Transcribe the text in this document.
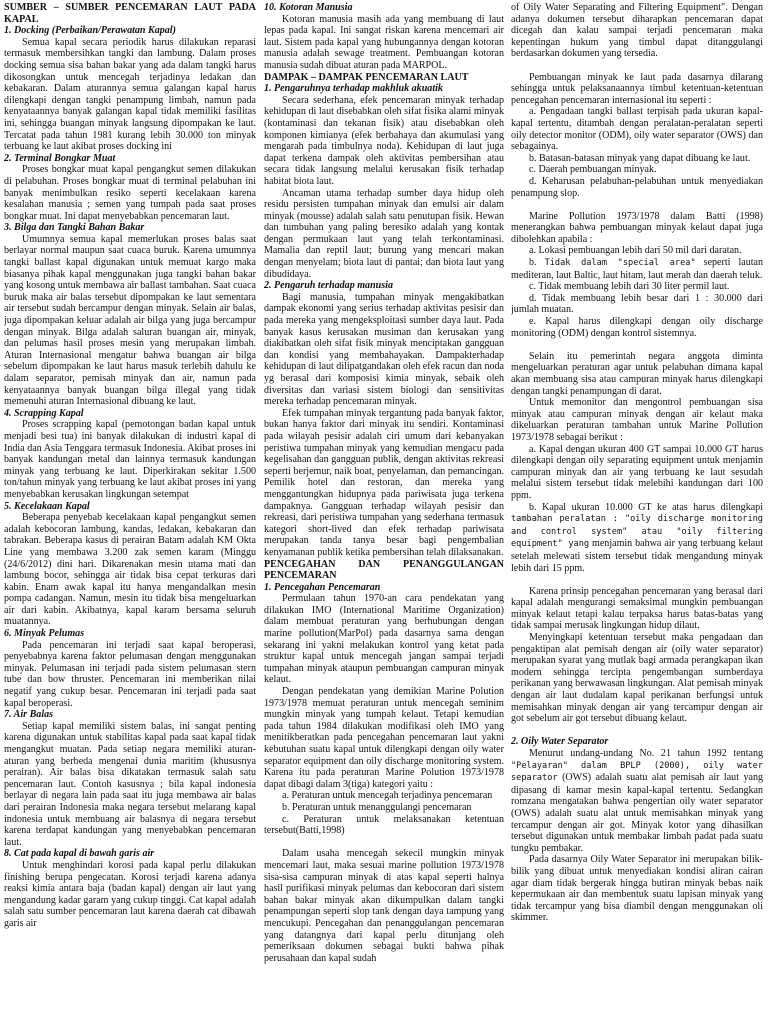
SUMBER – SUMBER PENCEMARAN LAUT PADA KAPAL

1. Docking (Perbaikan/Perawatan Kapal)

Semua kapal secara periodik harus dilakukan reparasi termasuk membersihkan tangki dan lambung. Dalam proses docking semua sisa bahan bakar yang ada dalam tangki harus dikosongkan untuk mencegah terjadinya ledakan dan kebakaran. Dalam aturannya semua galangan kapal harus dilengkapi dengan tangki penampung limbah, namun pada kenyataannya banyak galangan kapal tidak memiliki fasilitas ini, sehingga buangan minyak langsung dipompakan ke laut. Tercatat pada tahun 1981 kurang lebih 30.000 ton minyak terbuang ke laut akibat proses docking ini

2. Terminal Bongkar Muat

Proses bongkar muat kapal pengangkut semen dilakukan di pelabuhan. Proses bongkar muat di terminal pelabuhan ini banyak menimbulkan resiko seperti kecelakaan karena kesalahan manusia ; semen yang tumpah pada saat proses bongkar muat. Ini dapat menyebabkan pencemaran laut.

3. Bilga dan Tangki Bahan Bakar

Umumnya semua kapal memerlukan proses balas saat berlayar normal maupun saat cuaca buruk. Karena umumnya tangki ballast kapal digunakan untuk memuat kargo maka biasanya pihak kapal menggunakan juga tangki bahan bakar yang kosong untuk membawa air ballast tambahan. Saat cuaca buruk maka air balas tersebut dipompakan ke laut sementara air tersebut sudah bercampur dengan minyak. Selain air balas, juga dipompakan keluar adalah air bilga yang juga bercampur dengan minyak. Bilga adalah saluran buangan air, minyak, dan pelumas hasil proses mesin yang merupakan limbah. Aturan Internasional mengatur bahwa buangan air bilga sebelum dipompakan ke laut harus masuk terlebih dahulu ke dalam separator, pemisah minyak dan air, namun pada kenyataannya banyak buangan bilga illegal yang tidak memenuhi aturan Internasional dibuang ke laut.

4. Scrapping Kapal

Proses scrapping kapal (pemotongan badan kapal untuk menjadi besi tua) ini banyak dilakukan di industri kapal di India dan Asia Tenggara termasuk Indonesia. Akibat proses ini banyak kandungan metal dan lainnya termasuk kandungan minyak yang terbuang ke laut. Diperkirakan sekitar 1.500 ton/tahun minyak yang terbuang ke laut akibat proses ini yang menyebabkan kerusakan lingkungan setempat

5. Kecelakaan Kapal

Beberapa penyebab kecelakaan kapal pengangkut semen adalah kebocoran lambung, kandas, ledakan, kebakaran dan tabrakan. Beberapa kasus di perairan Batam adalah KM Okta Line yang membawa 3.200 zak semen karam (Minggu (24/6/2012) dini hari. Dikarenakan mesin utama mati dan lambung bocor, sehingga air tidak bisa cepat terkuras dari kabin. Enam awak kapal itu hanya mengandalkan mesin pompa cadangan. Namun, mesin itu tidak bisa mengeluarkan air dari kabin. Akibatnya, kapal karam bersama seluruh muatannya.

6. Minyak Pelumas

Pada pencemaran ini terjadi saat kapal beroperasi, penyebabnya karena faktor pelumasan dengan menggunakan minyak. Pelumasan ini terjadi pada sistem pelumasan stern tube dan bow thruster. Pencemaran ini memberikan nilai negatif yang cukup besar. Pencemaran ini terjadi pada saat kapal beroperasi.

7. Air Balas

Setiap kapal memiliki sistem balas, ini sangat penting karena digunakan untuk stabilitas kapal pada saat kapal tidak mengangkut muatan. Pada setiap negara memiliki aturan-aturan yang berbeda mengenai dunia maritim (khususnya perairan). Air balas bisa dikatakan termasuk salah satu pencemaran laut. Contoh kasusnya ; bila kapal indonesia berlayar di negara lain pada saat itu juga membawa air balas dari perairan Indonesia maka negara tersebut melarang kapal indonesia untuk membuang air balasnya di negara tersebut karena terdapat kandungan yang menyebabkan pencemaran laut.

8. Cat pada kapal di bawah garis air

Untuk menghindari korosi pada kapal perlu dilakukan finishing berupa pengecatan. Korosi terjadi karena adanya reaksi kimia antara baja (badan kapal) dengan air laut yang mengandung kadar garam yang cukup tinggi. Cat kapal adalah salah satu sumber pencemaran laut karena daerah cat dibawah garis air

10. Kotoran Manusia

Kotoran manusia masih ada yang membuang di laut lepas pada kapal. Ini sangat riskan karena mencemari air laut. Sistem pada kapal yang hubungannya dengan kotoran manusia adalah sewage treatment. Pembuangan kotoran manusia sudah dibuat aturan pada MARPOL.

DAMPAK – DAMPAK PENCEMARAN LAUT

1. Pengaruhnya terhadap makhluk akuatik

Secara sederhana, efek pencemaran minyak terhadap kehidupan di laut disebabkan oleh sifat fisika alami minyak (kontaminasi dan tekanan fisik) atau disebabkan oleh komponen kimianya (efek berbahaya dan akumulasi yang mengarah pada timbulnya noda). Kehidupan di laut juga dapat terkena dampak oleh aktivitas pembersihan atau secara tidak langsung melalui kerusakan fisik terhadap habitat biota laut.

Ancaman utama terhadap sumber daya hidup oleh residu persisten tumpahan minyak dan emulsi air dalam minyak (mousse) adalah salah satu penutupan fisik. Hewan dan tumbuhan yang paling beresiko adalah yang kontak dengan permukaan laut yang telah terkontaminasi. Mamalia dan reptil laut; burung yang mencari makan dengan menyelam; biota laut di pantai; dan biota laut yang dibudidaya.

2. Pengaruh terhadap manusia

Bagi manusia, tumpahan minyak mengakibatkan dampak ekonomi yang serius terhadap aktivitas pesisir dan pada mereka yang mengeksploitasi sumber daya laut. Pada banyak kasus kerusakan musiman dan kerusakan yang diakibatkan oleh sifat fisik minyak menciptakan gangguan dan kondisi yang membahayakan. Dampakterhadap kehidupan di laut dilipatgandakan oleh efek racun dan noda yg berasal dari komposisi kimia minyak, sebaik oleh diversitas dan variasi sistem biologi dan sensitivitas mereka terhadap pencemaran minyak.

Efek tumpahan minyak tergantung pada banyak faktor, bukan hanya faktor dari minyak itu sendiri. Kontaminasi pada wilayah pesisir adalah ciri umum dari kebanyakan peristiwa tumpahan minyak yang kemudian mengacu pada kegelisahan dan gangguan publik, dengan aktivitas rekreasi seperti berjemur, naik boat, penyelaman, dan pemancingan. Pemilik hotel dan restoran, dan mereka yang menggantungkan hidupnya pada pariwisata juga terkena dampaknya. Gangguan terhadap wilayah pesisir dan rekreasi, dari peristiwa tumpahan yang sederhana termasuk kategori short-lived dan efek terhadap pariwisata merupakan tanda tanya besar bagi pengembalian kenyamanan publik ketika pembersihan telah dilaksanakan.

PENCEGAHAN DAN PENANGGULANGAN PENCEMARAN

1. Pencegahan Pencemaran

Permulaan tahun 1970-an cara pendekatan yang dilakukan IMO (International Maritime Organization) dalam membuat peraturan yang berhubungan dengan marine pollution(MarPol) pada dasarnya sama dengan sekarang ini yakni melakukan kontrol yang ketat pada struktur kapal untuk mencegah jangan sampai terjadi tumpahan minyak ataupun pembuangan campuran minyak kelaut.

Dengan pendekatan yang demikian Marine Polution 1973/1978 memuat peraturan untuk mencegah seminim mungkin minyak yang tumpah kelaut. Tetapi kemudian pada tahun 1984 dilakukan modifikasi oleh IMO yang menitikberatkan pada pencegahan pencemaran laut yakni kebutuhan suatu kapal untuk dilengkapi dengan oily water separator equipment dan oily discharge monitoring system. Karena itu pada peraturan Marine Polution 1973/1978 dapat dibagi dalam 3(tiga) kategori yaitu :

a. Peraturan untuk mencegah terjadinya pencemaran

b. Peraturan untuk menanggulangi pencemaran

c. Peraturan untuk melaksanakan ketentuan tersebut(Batti,1998)

Dalam usaha mencegah sekecil mungkin minyak mencemari laut, maka sesuai marine pollution 1973/1978 sisa-sisa campuran minyak di atas kapal seperti halnya hasil purifikasi minyak pelumas dan kebocoran dari sistem bahan bakar minyak akan dikumpulkan dalam tangki penampungan seperti slop tank dengan daya tampung yang mencukupi. Pencegahan dan penanggulangan pencemaran yang datangnya dari kapal perlu ditunjang oleh pemeriksaan dokumen sebagai bukti bahwa pihak perusahaan dan kapal sudah

of Oily Water Separating and Filtering Equipment". Dengan adanya dokumen tersebut diharapkan pencemaran dapat dicegah dan kalau sampai terjadi pencemaran maka kepentingan hukum yang timbul dapat ditanggulangi berdasarkan dokumen yang tersedia.

Pembuangan minyak ke laut pada dasarnya dilarang sehingga untuk pelaksanaannya timbul ketentuan-ketentuan pencegahan pencemaran internasional itu seperti :

a. Pengadaan tangki ballast terpisah pada ukuran kapal-kapal tertentu, ditambah dengan peralatan-peralatan seperti oily detector monitor (ODM), oily water separator (OWS) dan sebagainya.

b. Batasan-batasan minyak yang dapat dibuang ke laut.

c. Daerah pembuangan minyak.

d. Keharusan pelabuhan-pelabuhan untuk menyediakan penampung slop.

Marine Pollution 1973/1978 dalam Batti (1998) menerangkan bahwa pembuangan minyak kelaut dapat juga dibolehkan apabila :

a. Lokasi pembuangan lebih dari 50 mil dari daratan.

b. Tidak dalam "special area" seperti lautan mediteran, laut Baltic, laut hitam, laut merah dan daerah teluk.

c. Tidak membuang lebih dari 30 liter permil laut.

d. Tidak membuang lebih besar dari 1 : 30.000 dari jumlah muatan.

e. Kapal harus dilengkapi dengan oily discharge monitoring (ODM) dengan kontrol sistemnya.

Selain itu pemerintah negara anggota diminta mengeluarkan peraturan agar untuk pelabuhan dimana kapal akan membuang sisa atau campuran minyak harus dilengkapi dengan tangki penampungan di darat.

Untuk memonitor dan mengontrol pembuangan sisa minyak atau campuran minyak dengan air kelaut maka dikeluarkan peraturan tambahan untuk Marine Pollution 1973/1978 sebagai berikut :

a. Kapal dengan ukuran 400 GT sampai 10.000 GT harus dilengkapi dengan oily separating equipment untuk menjamin campuran minyak dan air yang terbuang ke laut sesudah melalui sistem tersebut tidak melebihi kandungan dari 100 ppm.

b. Kapal ukuran 10.000 GT ke atas harus dilengkapi tambahan peralatan : "oily discharge monitoring and control system" atau "oily filtering equipment" yang menjamin bahwa air yang terbuang kelaut setelah melewati sistem tersebut tidak mengandung minyak lebih dari 15 ppm.

Karena prinsip pencegahan pencemaran yang berasal dari kapal adalah mengurangi semaksimal mungkin pembuangan minyak kelaut tetapi kalau terpaksa harus batas-batas yang tidak sampai merusak lingkungan hidup dilaut.

Menyingkapi ketentuan tersebut maka pengadaan dan pengaktipan alat pemisah dengan air (oily water separator) merupakan syarat yang mutlak bagi armada perangkapan ikan modern sehingga tercipta pengembangan sumberdaya perikanan yang berwawasan lingkungan. Alat pemisah minyak dengan air laut dudalam kapal perikanan berfungsi untuk memisahkan minyak dengan air yang tercampur dengan air got sebelum air got tersebut dibuang kelaut.

2. Oily Water Separator

Menurut undang-undang No. 21 tahun 1992 tentang "Pelayaran" dalam BPLP (2000), oily water separator (OWS) adalah suatu alat pemisah air laut yang dipasang di kamar mesin kapal-kapal tertentu. Sedangkan romzana mengatakan bahwa pengertian oily water separator (OWS) adalah suatu alat untuk memisahkan minyak yang tercampur dengan air got. Minyak kotor yang dihasilkan tersebut digunakan untuk membakar limbah padat pada suatu tungku pembakar.

Pada dasarnya Oily Water Separator ini merupakan bilik-bilik yang dibuat untuk menyediakan kondisi aliran cairan agar diam tidak bergerak hingga butiran minyak bebas naik kepermukaan air dan membentuk suatu lapisan minyak yang tidak tercampur yang bisa diambil dengan menggunakan oli skimmer.
